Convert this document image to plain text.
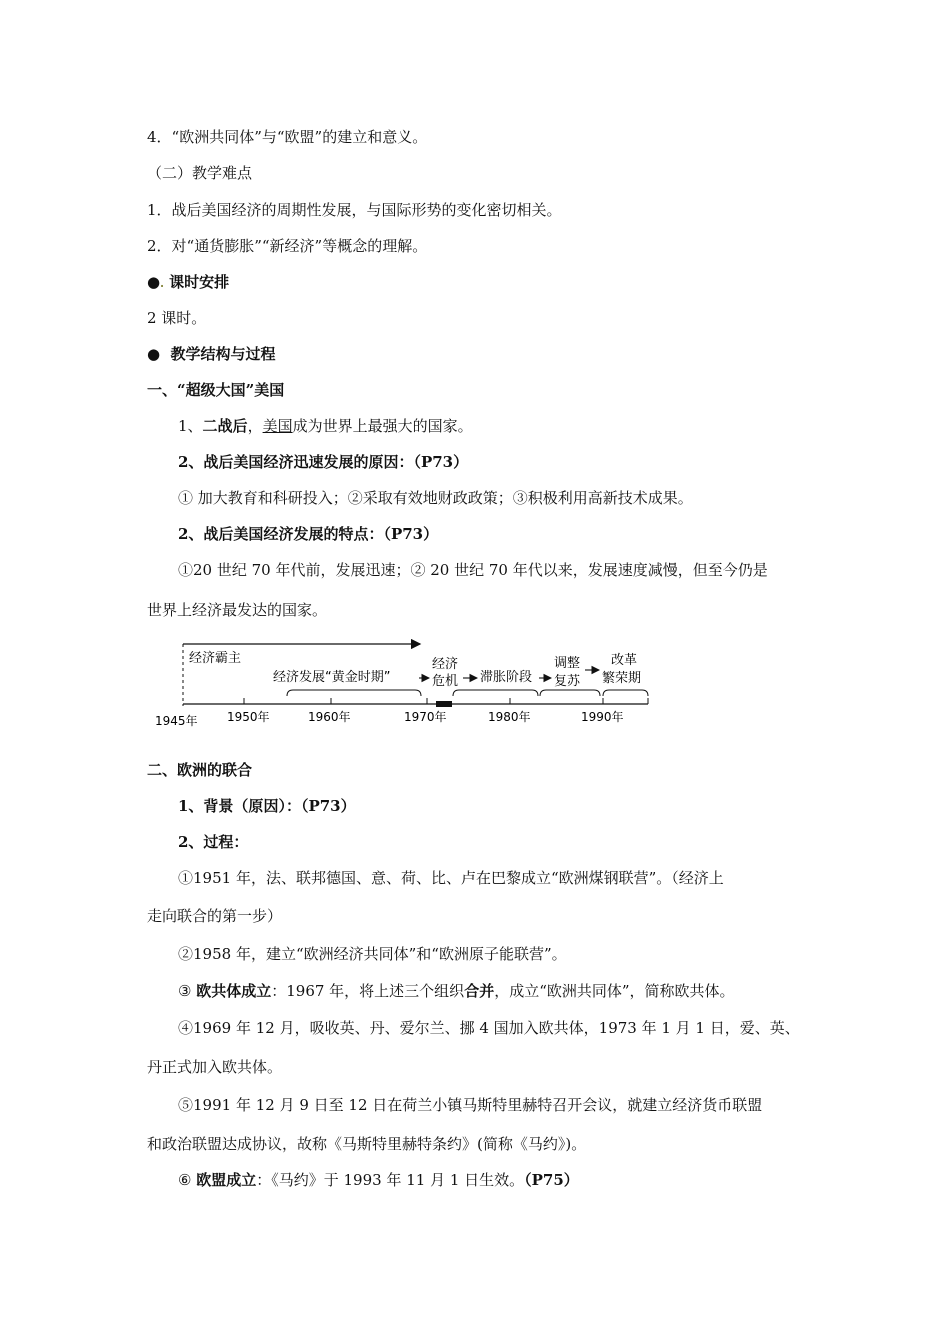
4．“欧洲共同体”与“欧盟”的建立和意义。
（二）教学难点
1．战后美国经济的周期性发展，与国际形势的变化密切相关。
2．对“通货膨胀”“新经济”等概念的理解。
●. 课时安排
2 课时。
● 教学结构与过程
一、“超级大国”美国
1、二战后，美国成为世界上最强大的国家。
2、战后美国经济迅速发展的原因：（P73）
① 加大教育和科研投入；②采取有效地财政政策；③积极利用高新技术成果。
2、战后美国经济发展的特点：（P73）
①20 世纪 70 年代前，发展迅速；② 20 世纪 70 年代以来，发展速度减慢，但至今仍是
世界上经济最发达的国家。
经济霸主
经济发展“黄金时期”
经济
危机 滞胀阶段
调整
复苏
改革
繁荣期
1945年 1950年	1960年	1970年	1980年	1990年
二、欧洲的联合
1、背景（原因）：（P73）
2、过程：
①1951 年，法、联邦德国、意、荷、比、卢在巴黎成立“欧洲煤钢联营”。（经济上
走向联合的第一步）
②1958 年，建立“欧洲经济共同体”和“欧洲原子能联营”。
③ 欧共体成立：1967 年，将上述三个组织合并，成立“欧洲共同体”，简称欧共体。
④1969 年 12 月，吸收英、丹、爱尔兰、挪 4 国加入欧共体，1973 年 1 月 1 日，爱、英、
丹正式加入欧共体。
⑤1991 年 12 月 9 日至 12 日在荷兰小镇马斯特里赫特召开会议，就建立经济货币联盟
和政治联盟达成协议，故称《马斯特里赫特条约》(简称《马约》)。
⑥ 欧盟成立：《马约》于 1993 年 11 月 1 日生效。（P75）
